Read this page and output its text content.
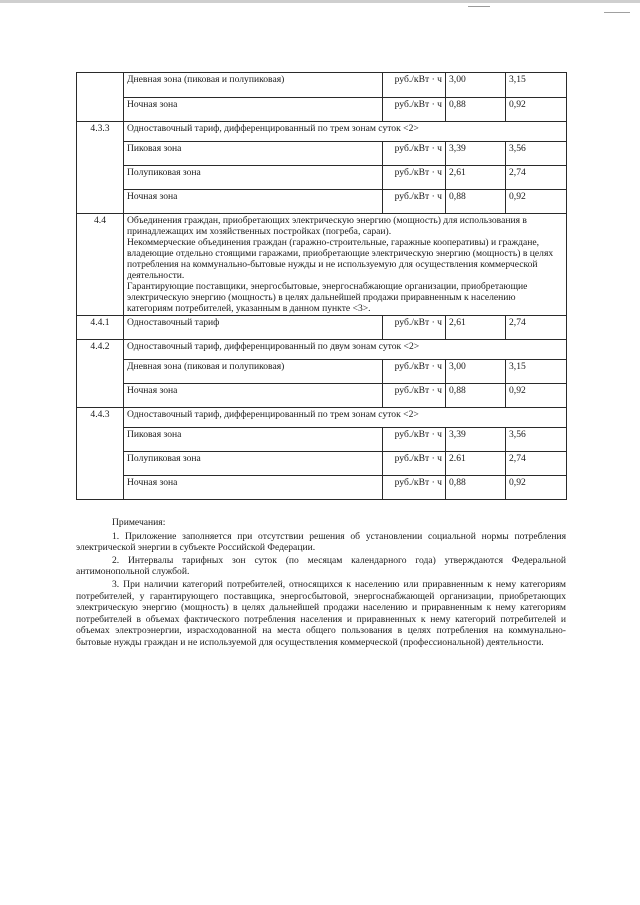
	Дневная зона (пиковая и полупиковая)	руб./кВт · ч	3,00	3,15
	Ночная зона	руб./кВт · ч	0,88	0,92
4.3.3	Одноставочный тариф, дифференцированный по трем зонам суток <2>			
	Пиковая зона	руб./кВт · ч	3,39	3,56
	Полупиковая зона	руб./кВт · ч	2,61	2,74
	Ночная зона	руб./кВт · ч	0,88	0,92
4.4	Объединения граждан, приобретающих электрическую энергию (мощность) для использования в принадлежащих им хозяйственных постройках (погреба, сараи).

Некоммерческие объединения граждан (гаражно-строительные, гаражные кооперативы) и граждане, владеющие отдельно стоящими гаражами, приобретающие электрическую энергию (мощность) в целях потребления на коммунально-бытовые нужды и не используемую для осуществления коммерческой деятельности.

Гарантирующие поставщики, энергосбытовые, энергоснабжающие организации, приобретающие электрическую энергию (мощность) в целях дальнейшей продажи приравненным к населению категориям потребителей, указанным в данном пункте <3>.			

4.4.1	Одноставочный тариф	руб./кВт · ч	2,61	2,74
4.4.2	Одноставочный тариф, дифференцированный по двум зонам суток <2>			
	Дневная зона (пиковая и полупиковая)	руб./кВт · ч	3,00	3,15
	Ночная зона	руб./кВт · ч	0,88	0,92
4.4.3	Одноставочный тариф, дифференцированный по трем зонам суток <2>			
	Пиковая зона	руб./кВт · ч	3,39	3,56
	Полупиковая зона	руб./кВт · ч	2.61	2,74
	Ночная зона	руб./кВт · ч	0,88	0,92

Примечания:

1. Приложение заполняется при отсутствии решения об установлении социальной нормы потребления электрической энергии в субъекте Российской Федерации.

2. Интервалы тарифных зон суток (по месяцам календарного года) утверждаются Федеральной антимонопольной службой.

3. При наличии категорий потребителей, относящихся к населению или приравненным к нему категориям потребителей, у гарантирующего поставщика, энергосбытовой, энергоснабжающей организации, приобретающих электрическую энергию (мощность) в целях дальнейшей продажи населению и приравненным к нему категориям потребителей в объемах фактического потребления населения и приравненных к нему категорий потребителей и объемах электроэнергии, израсходованной на места общего пользования в целях потребления на коммунально-бытовые нужды граждан и не используемой для осуществления коммерческой (профессиональной) деятельности.
